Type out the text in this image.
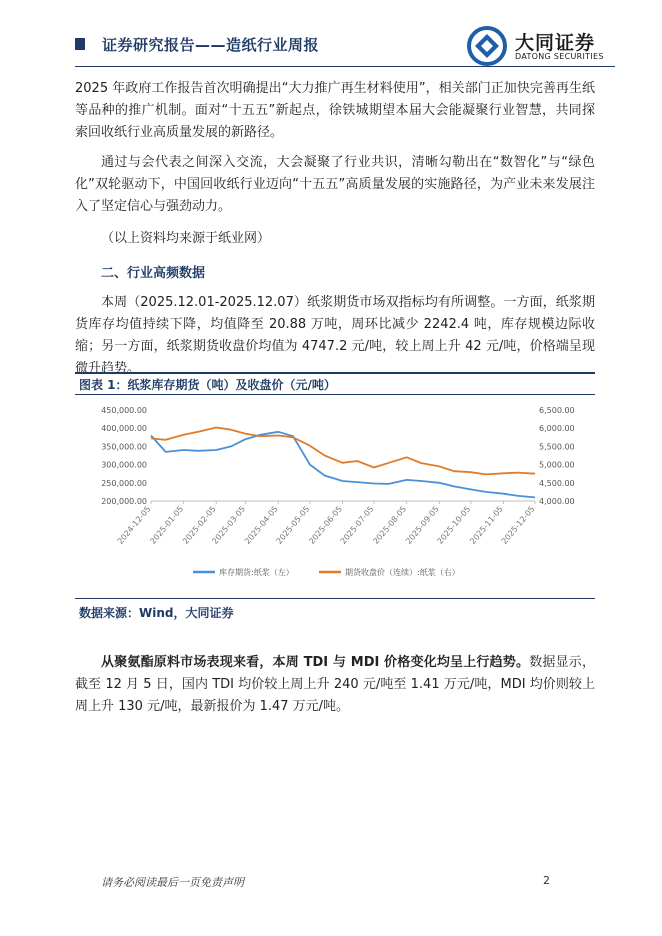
证券研究报告——造纸行业周报	大同证券
DATONG SECURITIES

2025 年政府工作报告首次明确提出“大力推广再生材料使用”，相关部门正加快完善再生纸等品种的推广机制。面对“十五五”新起点，徐铁城期望本届大会能凝聚行业智慧，共同探索回收纸行业高质量发展的新路径。

通过与会代表之间深入交流，大会凝聚了行业共识，清晰勾勒出在“数智化”与“绿色化”双轮驱动下，中国回收纸行业迈向“十五五”高质量发展的实施路径，为产业未来发展注入了坚定信心与强劲动力。

（以上资料均来源于纸业网）

二、行业高频数据

本周（2025.12.01-2025.12.07）纸浆期货市场双指标均有所调整。一方面，纸浆期货库存均值持续下降，均值降至 20.88 万吨，周环比减少 2242.4 吨，库存规模边际收缩；另一方面，纸浆期货收盘价均值为 4747.2 元/吨，较上周上升 42 元/吨，价格端呈现微升趋势。

图表 1：纸浆库存期货（吨）及收盘价（元/吨）
200,000.00
250,000.00
300,000.00
350,000.00
400,000.00
450,000.00
4,000.00
4,500.00
5,000.00
5,500.00
6,000.00
6,500.00
2024-12-05
2025-01-05
2025-02-05
2025-03-05
2025-04-05
2025-05-05
2025-06-05
2025-07-05
2025-08-05
2025-09-05
2025-10-05
2025-11-05
2025-12-05
库存期货:纸浆（左）	期货收盘价（连续）:纸浆（右）
数据来源：Wind，大同证券

从聚氨酯原料市场表现来看，本周 TDI 与 MDI 价格变化均呈上行趋势。数据显示，截至 12 月 5 日，国内 TDI 均价较上周上升 240 元/吨至 1.41 万元/吨，MDI 均价则较上周上升 130 元/吨，最新报价为 1.47 万元/吨。

请务必阅读最后一页免责声明	2
